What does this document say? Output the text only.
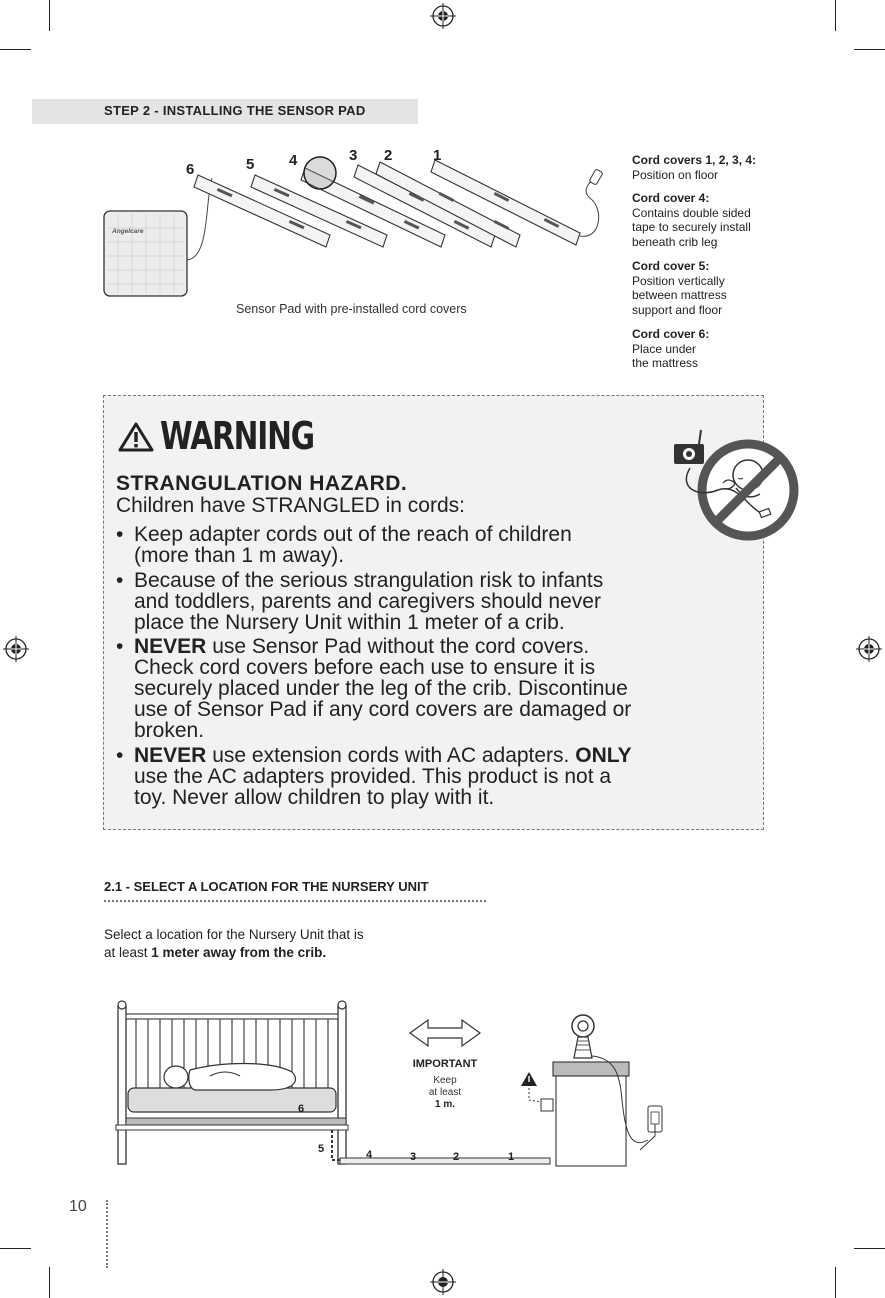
STEP 2 - INSTALLING THE SENSOR PAD
Angelcare
6	5 4	3 2	1
Sensor Pad with pre-installed cord covers
Cord covers 1, 2, 3, 4:
Position on floor
Cord cover 4:
Contains double sided
tape to securely install
beneath crib leg
Cord cover 5:
Position vertically
between mattress
support and floor
Cord cover 6:
Place under
the mattress
WARNING
STRANGULATION HAZARD.
Children have STRANGLED in cords:
• Keep adapter cords out of the reach of children
(more than 1 m away).
• Because of the serious strangulation risk to infants
and toddlers, parents and caregivers should never
place the Nursery Unit within 1 meter of a crib.
• NEVER use Sensor Pad without the cord covers.
Check cord covers before each use to ensure it is
securely placed under the leg of the crib. Discontinue
use of Sensor Pad if any cord covers are damaged or
broken.
• NEVER use extension cords with AC adapters. ONLY
use the AC adapters provided. This product is not a
toy. Never allow children to play with it.
2.1 - SELECT A LOCATION FOR THE NURSERY UNIT
Select a location for the Nursery Unit that is
at least 1 meter away from the crib.
6
5	4	3	2	1
IMPORTANT
Keep
at least
1 m.
10
